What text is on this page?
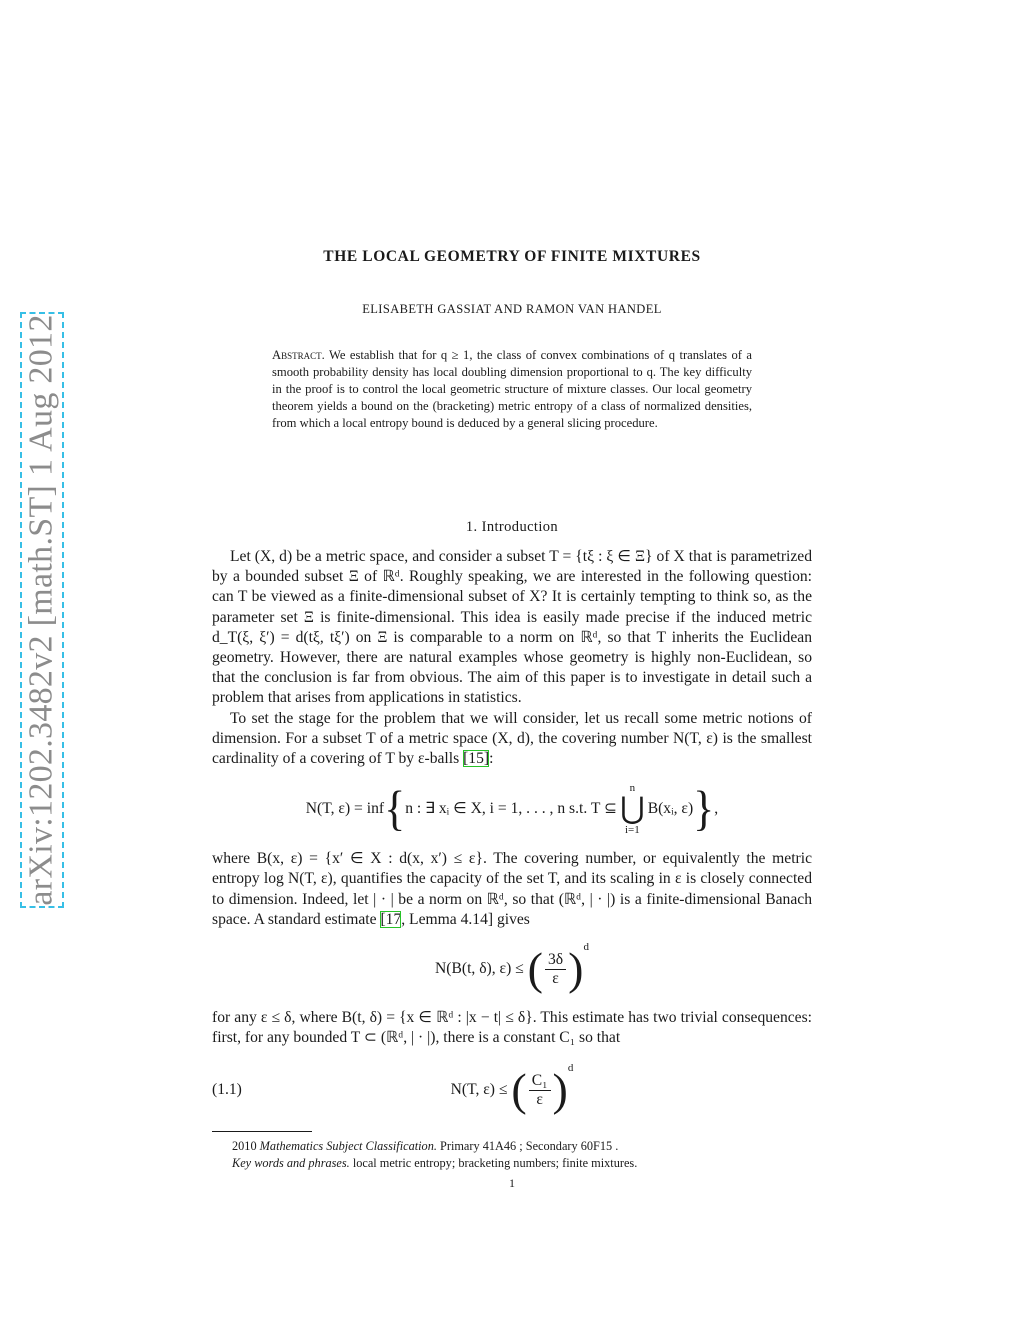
arXiv:1202.3482v2 [math.ST] 1 Aug 2012
THE LOCAL GEOMETRY OF FINITE MIXTURES
ELISABETH GASSIAT AND RAMON VAN HANDEL
Abstract. We establish that for q ≥ 1, the class of convex combinations of q translates of a smooth probability density has local doubling dimension proportional to q. The key difficulty in the proof is to control the local geometric structure of mixture classes. Our local geometry theorem yields a bound on the (bracketing) metric entropy of a class of normalized densities, from which a local entropy bound is deduced by a general slicing procedure.
1. Introduction

Let (X, d) be a metric space, and consider a subset T = {tξ : ξ ∈ Ξ} of X that is parametrized by a bounded subset Ξ of ℝᵈ. Roughly speaking, we are interested in the following question: can T be viewed as a finite-dimensional subset of X? It is certainly tempting to think so, as the parameter set Ξ is finite-dimensional. This idea is easily made precise if the induced metric d_T(ξ, ξ′) = d(tξ, tξ′) on Ξ is comparable to a norm on ℝᵈ, so that T inherits the Euclidean geometry. However, there are natural examples whose geometry is highly non-Euclidean, so that the conclusion is far from obvious. The aim of this paper is to investigate in detail such a problem that arises from applications in statistics.

To set the stage for the problem that we will consider, let us recall some metric notions of dimension. For a subset T of a metric space (X, d), the covering number N(T, ε) is the smallest cardinality of a covering of T by ε-balls [15]:

N(T, ε) = inf { n : ∃ xᵢ ∈ X, i = 1, . . . , n s.t. T ⊆
n
⋃
i=1
B(xᵢ, ε) } ,

where B(x, ε) = {x′ ∈ X : d(x, x′) ≤ ε}. The covering number, or equivalently the metric entropy log N(T, ε), quantifies the capacity of the set T, and its scaling in ε is closely connected to dimension. Indeed, let | · | be a norm on ℝᵈ, so that (ℝᵈ, | · |) is a finite-dimensional Banach space. A standard estimate [17, Lemma 4.14] gives

N(B(t, δ), ε) ≤
( $\frac{3\delta}{\varepsilon}$ ) d

for any ε ≤ δ, where B(t, δ) = {x ∈ ℝᵈ : |x − t| ≤ δ}. This estimate has two trivial consequences: first, for any bounded T ⊂ (ℝᵈ, | · |), there is a constant C₁ so that

(1.1)	N(T, ε) ≤
( $\frac{\text{C₁}}{\varepsilon}$ ) d
2010 Mathematics Subject Classification. Primary 41A46 ; Secondary 60F15 .
Key words and phrases. local metric entropy; bracketing numbers; finite mixtures.
1
